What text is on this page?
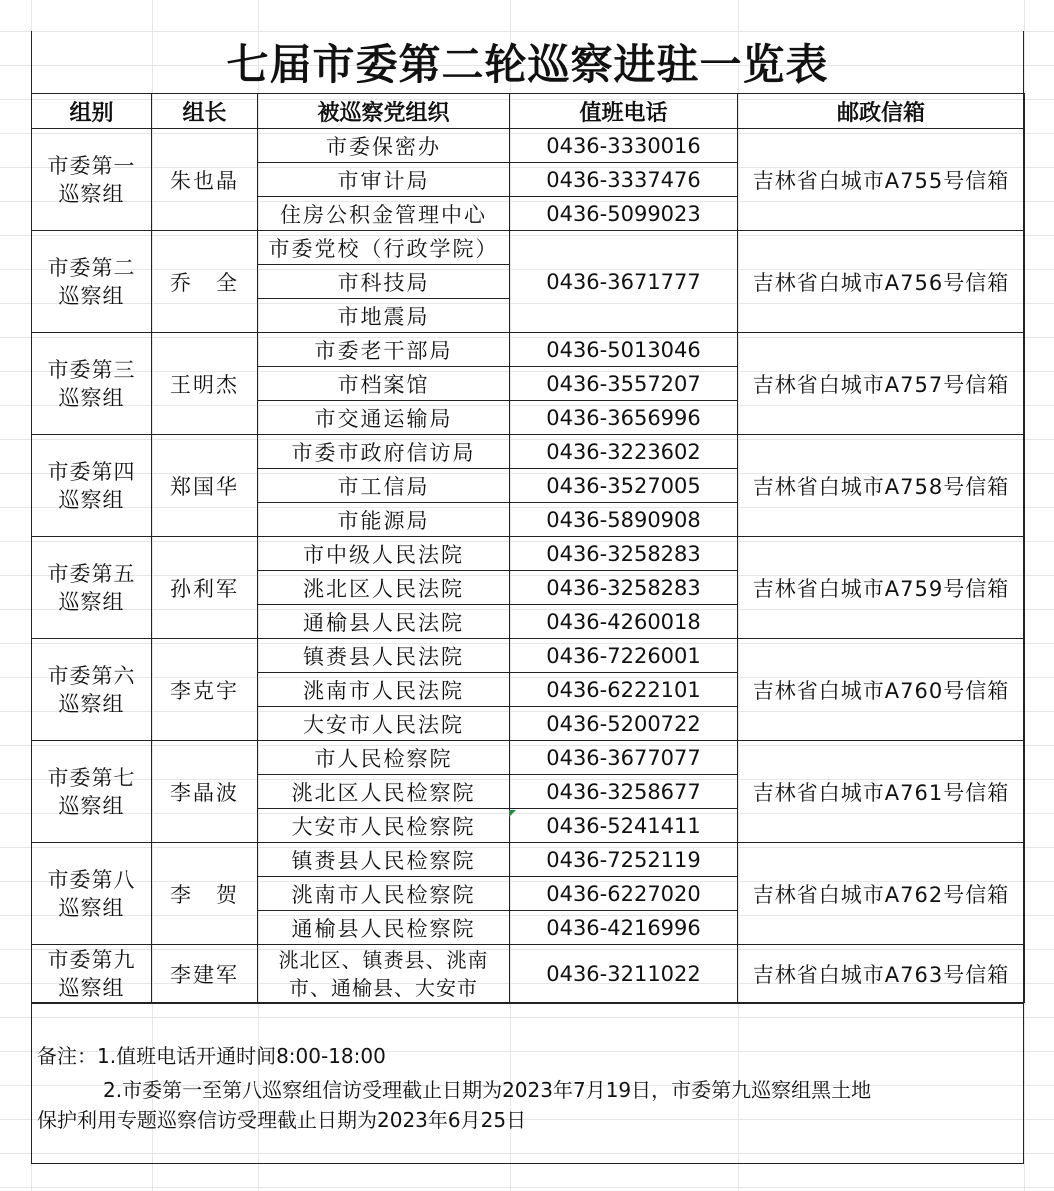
七届市委第二轮巡察进驻一览表
组别	组长	被巡察党组织	值班电话	邮政信箱
市委第一
巡察组	朱也晶	市委保密办	0436-3330016	吉林省白城市A755号信箱
		市审计局	0436-3337476	
		住房公积金管理中心	0436-5099023	
市委第二
巡察组	乔　全	市委党校（行政学院）	0436-3671777	吉林省白城市A756号信箱
		市科技局		
		市地震局		
市委第三
巡察组	王明杰	市委老干部局	0436-5013046	吉林省白城市A757号信箱
		市档案馆	0436-3557207	
		市交通运输局	0436-3656996	
市委第四
巡察组	郑国华	市委市政府信访局	0436-3223602	吉林省白城市A758号信箱
		市工信局	0436-3527005	
		市能源局	0436-5890908	
市委第五
巡察组	孙利军	市中级人民法院	0436-3258283	吉林省白城市A759号信箱
		洮北区人民法院	0436-3258283	
		通榆县人民法院	0436-4260018	
市委第六
巡察组	李克宇	镇赉县人民法院	0436-7226001	吉林省白城市A760号信箱
		洮南市人民法院	0436-6222101	
		大安市人民法院	0436-5200722	
市委第七
巡察组	李晶波	市人民检察院	0436-3677077	吉林省白城市A761号信箱
		洮北区人民检察院	0436-3258677	
		大安市人民检察院	0436-5241411	
市委第八
巡察组	李　贺	镇赉县人民检察院	0436-7252119	吉林省白城市A762号信箱
		洮南市人民检察院	0436-6227020	
		通榆县人民检察院	0436-4216996	
市委第九
巡察组	李建军	洮北区、镇赉县、洮南
市、通榆县、大安市	0436-3211022	吉林省白城市A763号信箱
备注：1.值班电话开通时间8:00-18:00
2.市委第一至第八巡察组信访受理截止日期为2023年7月19日，市委第九巡察组黑土地
保护利用专题巡察信访受理截止日期为2023年6月25日
